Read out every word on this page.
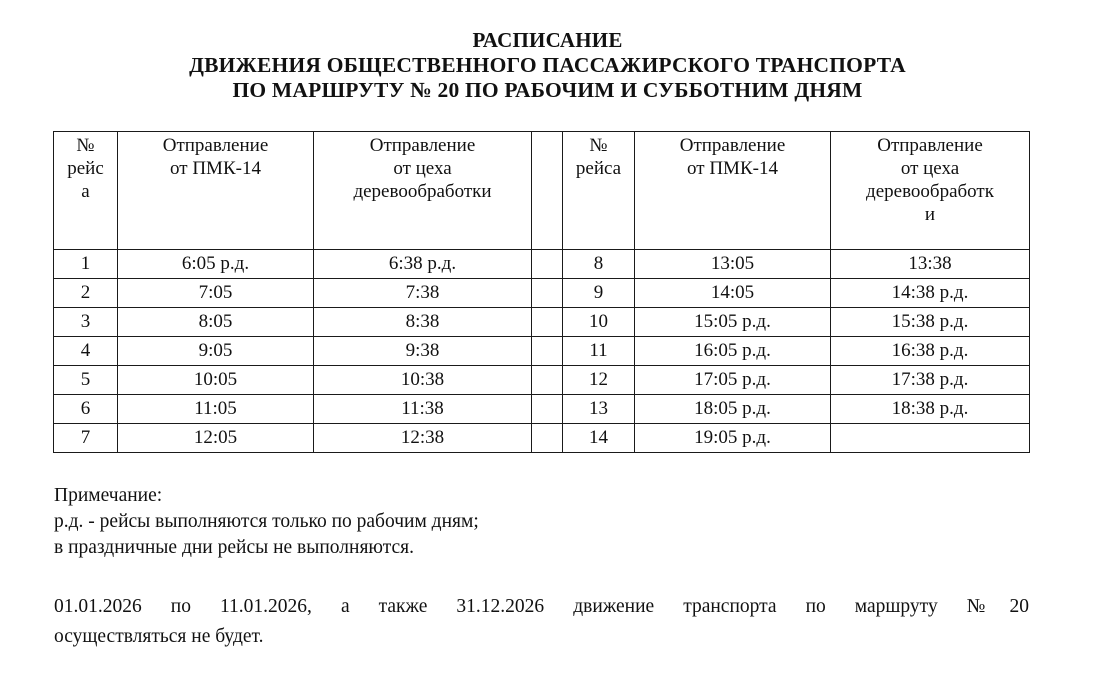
РАСПИСАНИЕ
ДВИЖЕНИЯ ОБЩЕСТВЕННОГО ПАССАЖИРСКОГО ТРАНСПОРТА
ПО МАРШРУТУ № 20 ПО РАБОЧИМ И СУББОТНИМ ДНЯМ
№
рейс
а	Отправление
от ПМК-14	Отправление
от цеха
деревообработки		№
рейса	Отправление
от ПМК-14	Отправление
от цеха
деревообработк
и

1	6:05 р.д.	6:38 р.д.		8	13:05	13:38
2	7:05	7:38		9	14:05	14:38 р.д.
3	8:05	8:38		10	15:05 р.д.	15:38 р.д.
4	9:05	9:38		11	16:05 р.д.	16:38 р.д.
5	10:05	10:38		12	17:05 р.д.	17:38 р.д.
6	11:05	11:38		13	18:05 р.д.	18:38 р.д.
7	12:05	12:38		14	19:05 р.д.	
Примечание:
р.д. - рейсы выполняются только по рабочим дням;
в праздничные дни рейсы не выполняются.
01.01.2026 по 11.01.2026, а также 31.12.2026 движение транспорта по маршруту №20
осуществляться не будет.
